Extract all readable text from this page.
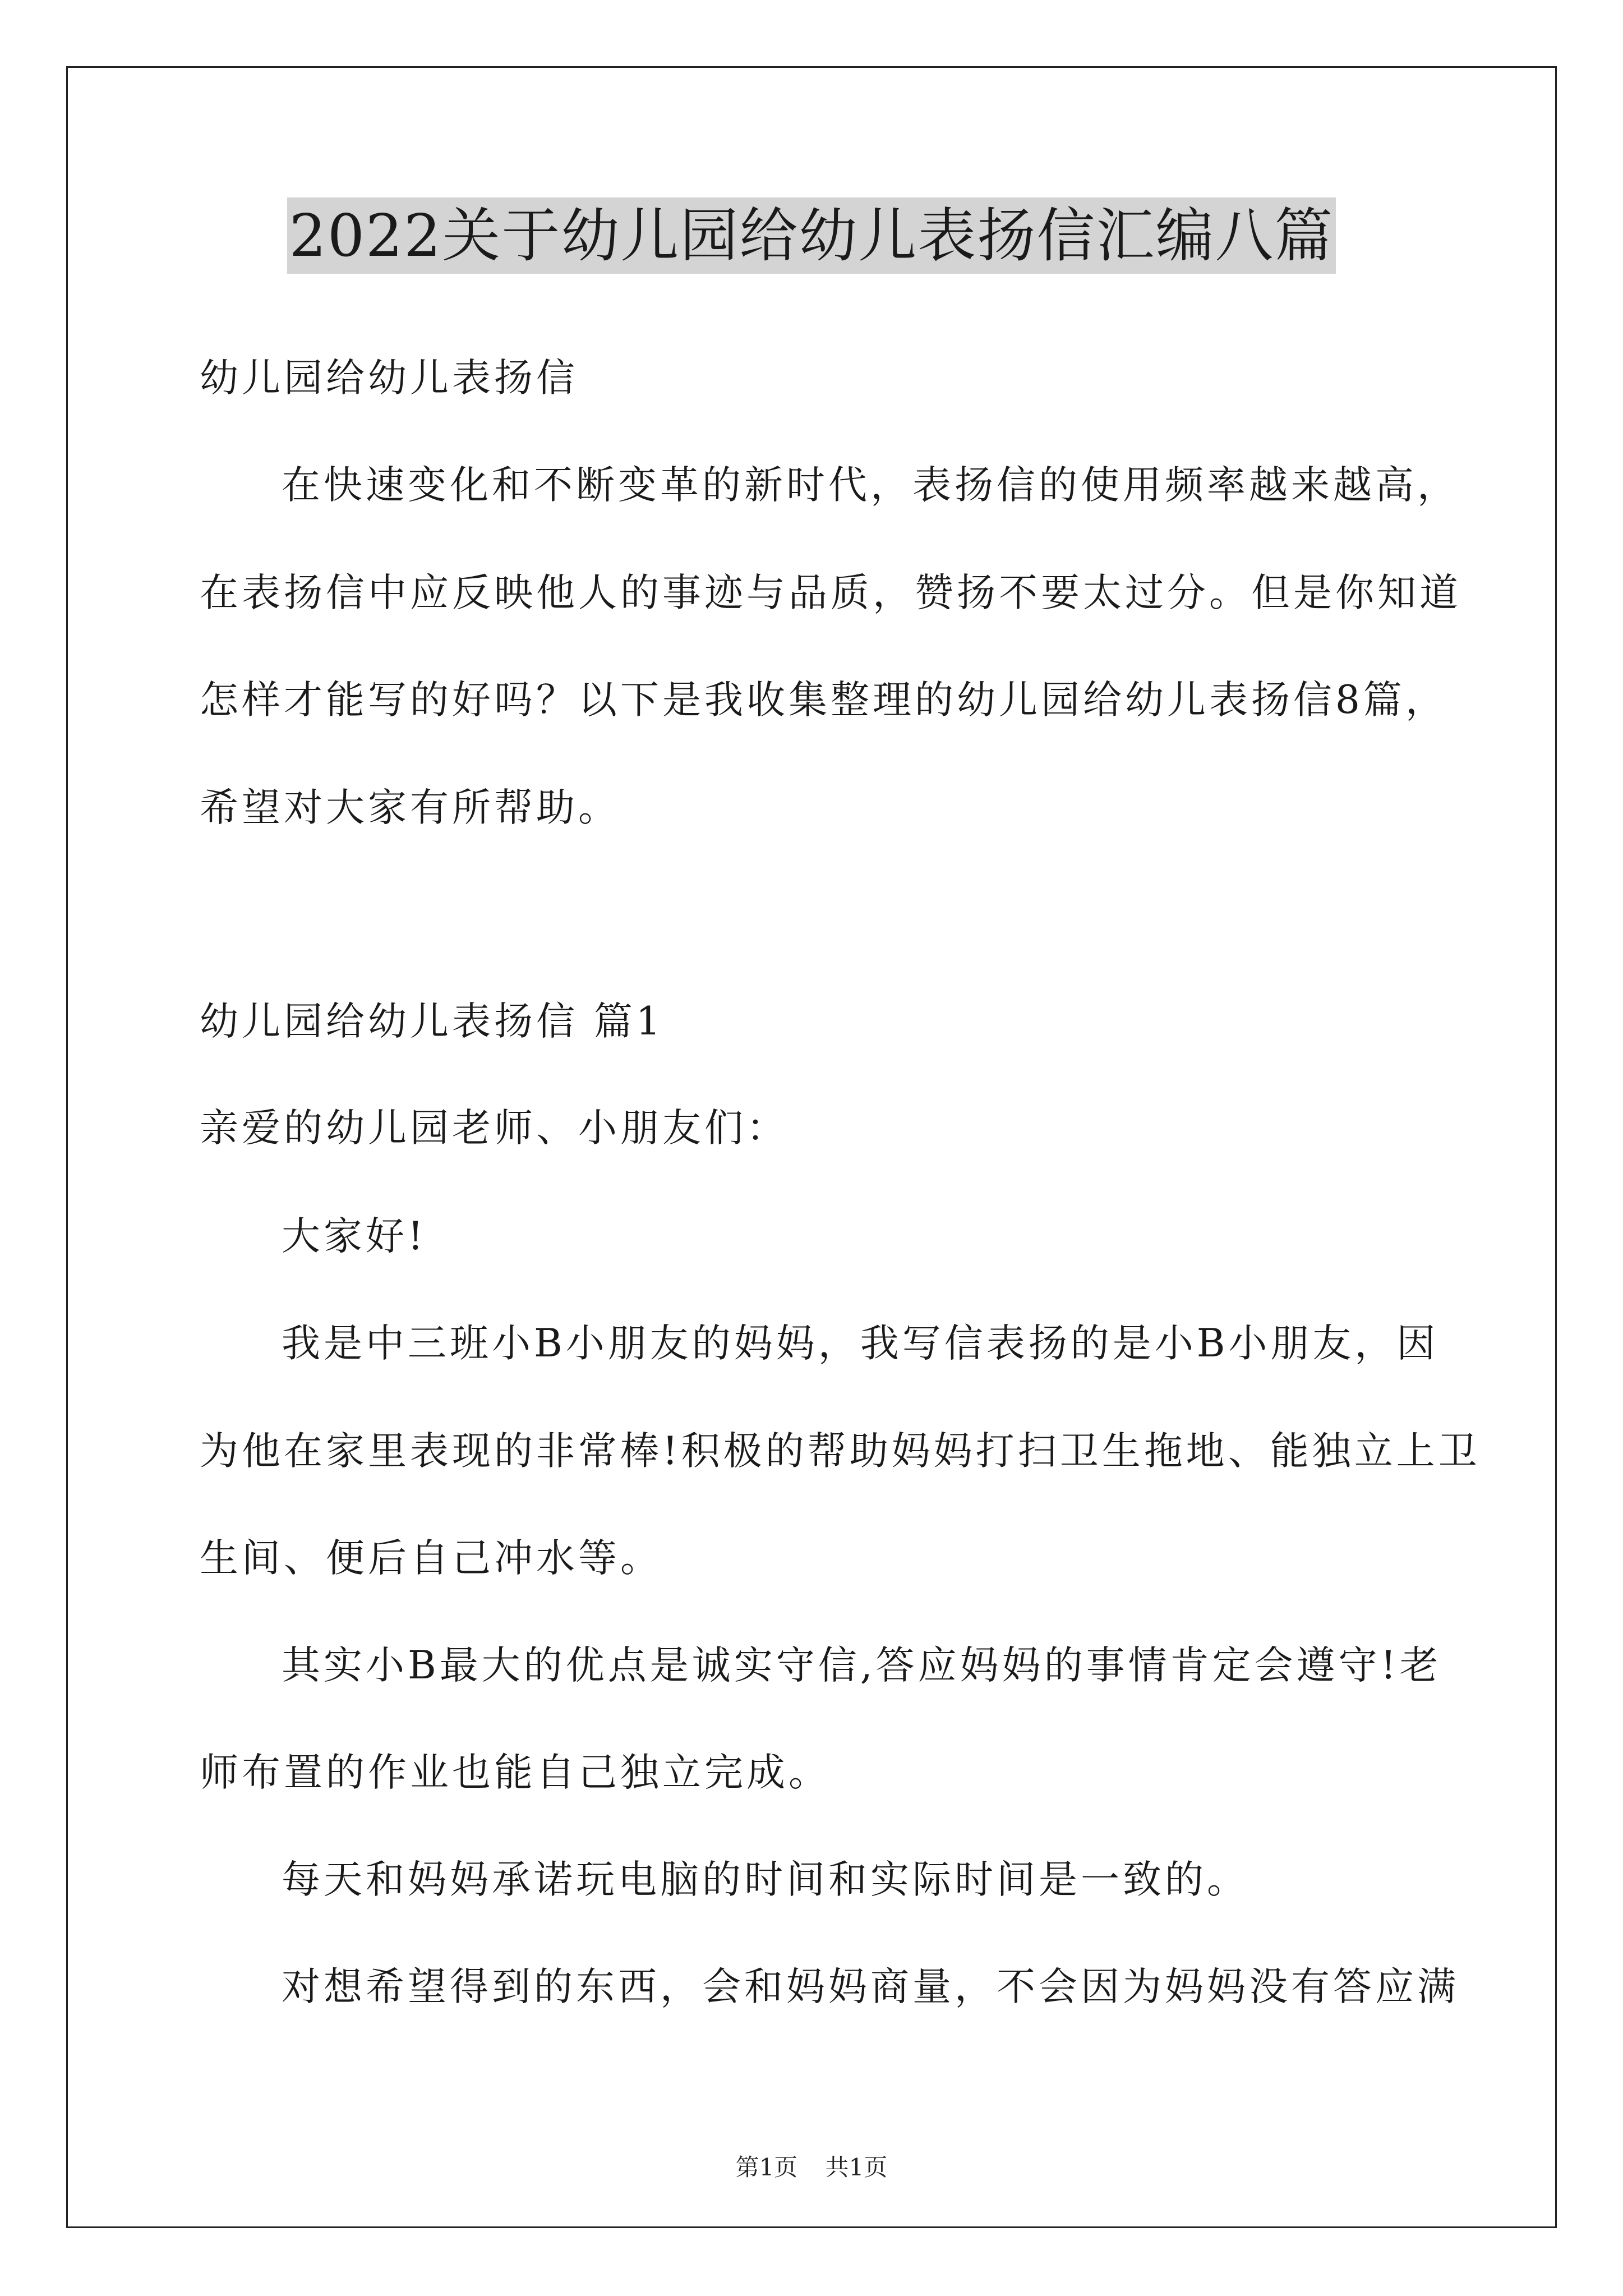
2022关于幼儿园给幼儿表扬信汇编八篇
幼儿园给幼儿表扬信
在快速变化和不断变革的新时代，表扬信的使用频率越来越高，
在表扬信中应反映他人的事迹与品质，赞扬不要太过分。但是你知道
怎样才能写的好吗？以下是我收集整理的幼儿园给幼儿表扬信8篇，
希望对大家有所帮助。
幼儿园给幼儿表扬信 篇1
亲爱的幼儿园老师、小朋友们：
大家好!
我是中三班小B小朋友的妈妈，我写信表扬的是小B小朋友，因
为他在家里表现的非常棒!积极的帮助妈妈打扫卫生拖地、能独立上卫
生间、便后自己冲水等。
其实小B最大的优点是诚实守信,答应妈妈的事情肯定会遵守!老
师布置的作业也能自己独立完成。
每天和妈妈承诺玩电脑的时间和实际时间是一致的。
对想希望得到的东西，会和妈妈商量，不会因为妈妈没有答应满
第1页 共1页
